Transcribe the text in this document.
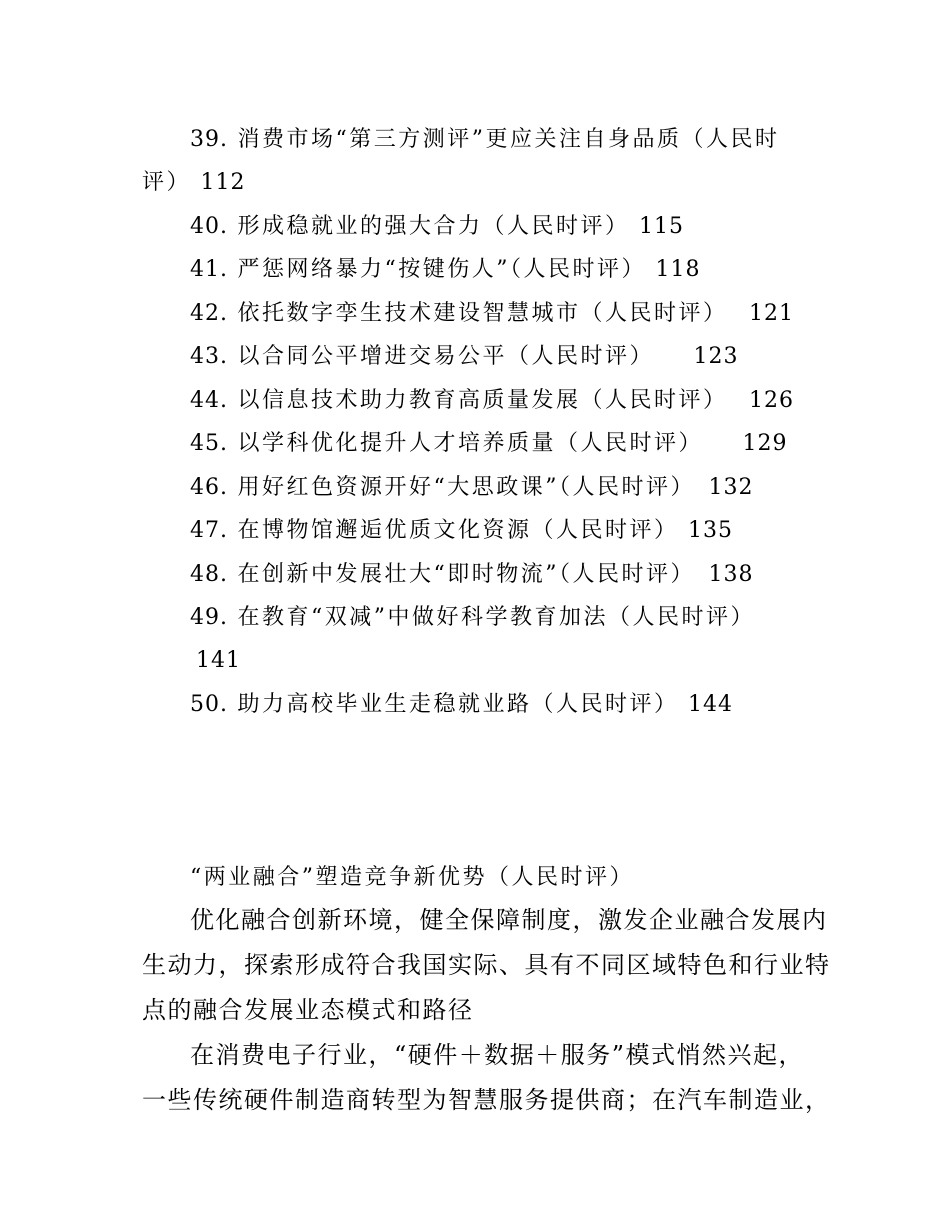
39. 消费市场“第三方测评”更应关注自身品质（人民时
评） 112
40. 形成稳就业的强大合力（人民时评） 115
41. 严惩网络暴力“按键伤人”（人民时评） 118
42. 依托数字孪生技术建设智慧城市（人民时评） 121
43. 以合同公平增进交易公平（人民时评） 123
44. 以信息技术助力教育高质量发展（人民时评） 126
45. 以学科优化提升人才培养质量（人民时评） 129
46. 用好红色资源开好“大思政课”（人民时评） 132
47. 在博物馆邂逅优质文化资源（人民时评） 135
48. 在创新中发展壮大“即时物流”（人民时评） 138
49. 在教育“双减”中做好科学教育加法（人民时评）
141
50. 助力高校毕业生走稳就业路（人民时评） 144
“两业融合”塑造竞争新优势（人民时评）
优化融合创新环境，健全保障制度，激发企业融合发展内
生动力，探索形成符合我国实际、具有不同区域特色和行业特
点的融合发展业态模式和路径
在消费电子行业，“硬件＋数据＋服务”模式悄然兴起，
一些传统硬件制造商转型为智慧服务提供商；在汽车制造业，
